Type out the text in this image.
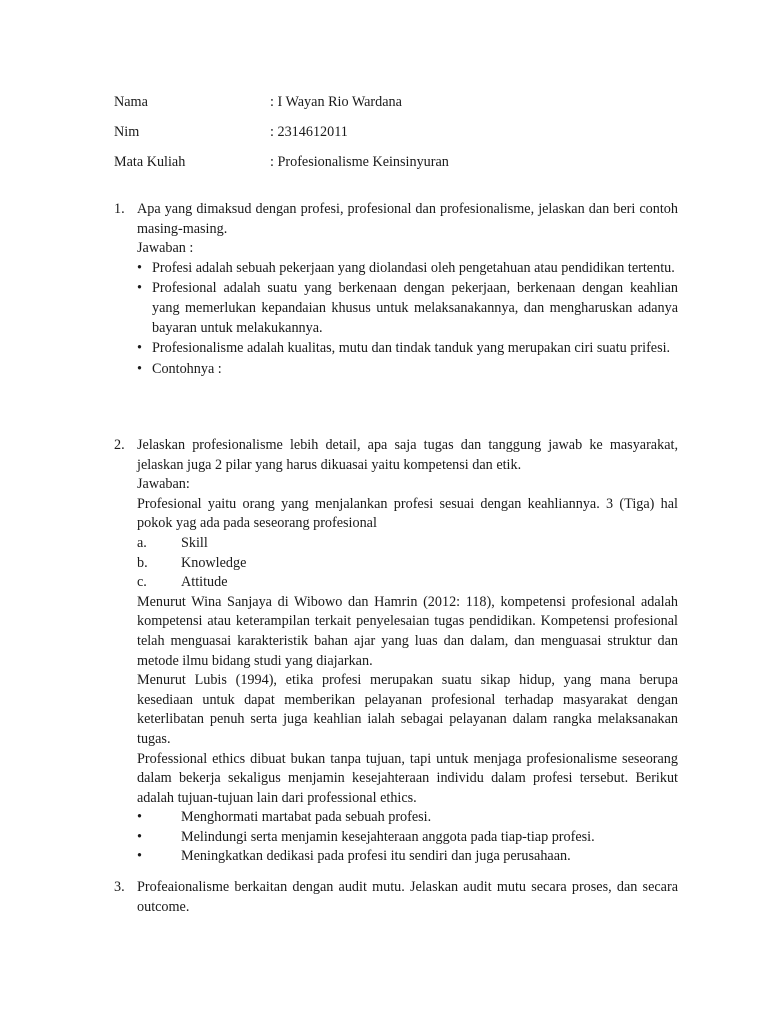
Nama	: I Wayan Rio Wardana
Nim	: 2314612011
Mata Kuliah	: Profesionalisme Keinsinyuran
1. Apa yang dimaksud dengan profesi, profesional dan profesionalisme, jelaskan dan beri contoh masing-masing.
Jawaban :
• Profesi adalah sebuah pekerjaan yang diolandasi oleh pengetahuan atau pendidikan tertentu.
• Profesional adalah suatu yang berkenaan dengan pekerjaan, berkenaan dengan keahlian yang memerlukan kepandaian khusus untuk melaksanakannya, dan mengharuskan adanya bayaran untuk melakukannya.
• Profesionalisme adalah kualitas, mutu dan tindak tanduk yang merupakan ciri suatu prifesi.
• Contohnya :
2. Jelaskan profesionalisme lebih detail, apa saja tugas dan tanggung jawab ke masyarakat, jelaskan juga 2 pilar yang harus dikuasai yaitu kompetensi dan etik.
Jawaban:
Profesional yaitu orang yang menjalankan profesi sesuai dengan keahliannya. 3 (Tiga) hal pokok yag ada pada seseorang profesional
a. Skill
b. Knowledge
c. Attitude
Menurut Wina Sanjaya di Wibowo dan Hamrin (2012: 118), kompetensi profesional adalah kompetensi atau keterampilan terkait penyelesaian tugas pendidikan. Kompetensi profesional telah menguasai karakteristik bahan ajar yang luas dan dalam, dan menguasai struktur dan metode ilmu bidang studi yang diajarkan.
Menurut Lubis (1994), etika profesi merupakan suatu sikap hidup, yang mana berupa kesediaan untuk dapat memberikan pelayanan profesional terhadap masyarakat dengan keterlibatan penuh serta juga keahlian ialah sebagai pelayanan dalam rangka melaksanakan tugas.
Professional ethics dibuat bukan tanpa tujuan, tapi untuk menjaga profesionalisme seseorang dalam bekerja sekaligus menjamin kesejahteraan individu dalam profesi tersebut. Berikut adalah tujuan-tujuan lain dari professional ethics.
•	Menghormati martabat pada sebuah profesi.
•	Melindungi serta menjamin kesejahteraan anggota pada tiap-tiap profesi.
•	Meningkatkan dedikasi pada profesi itu sendiri dan juga perusahaan.
3. Profeaionalisme berkaitan dengan audit mutu. Jelaskan audit mutu secara proses, dan secara outcome.
